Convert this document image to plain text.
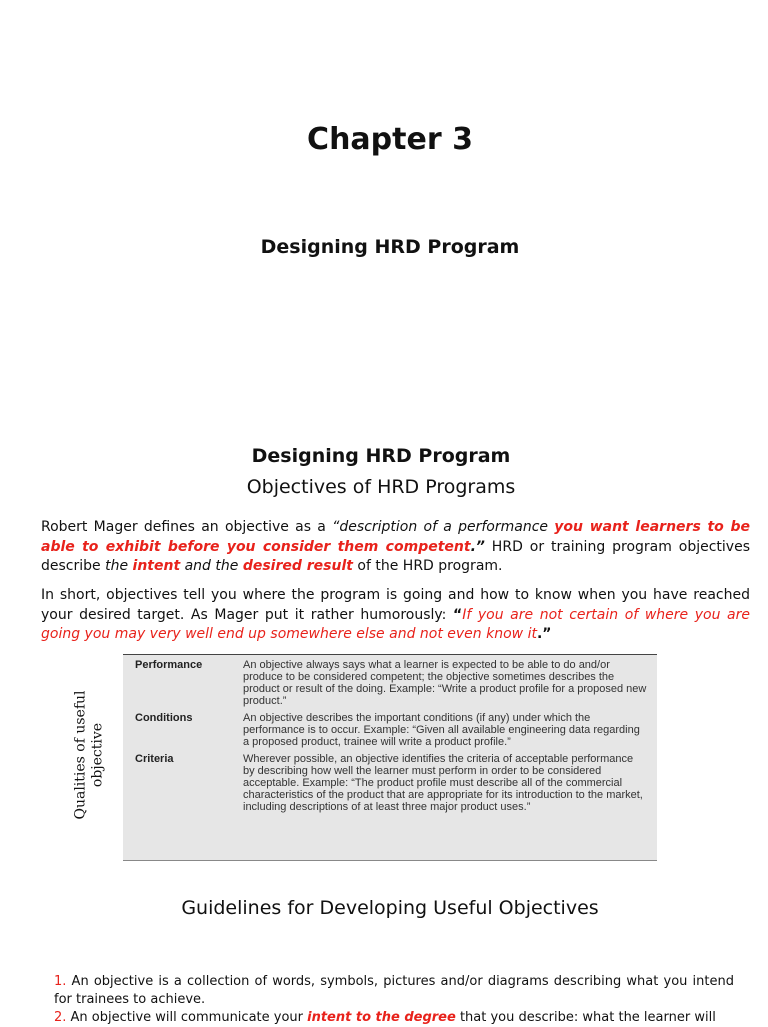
Chapter 3
Designing HRD Program
Designing HRD Program
Objectives of HRD Programs

Robert Mager defines an objective as a “description of a performance you want learners to be able to exhibit before you consider them competent.” HRD or training program objectives describe the intent and the desired result of the HRD program.

In short, objectives tell you where the program is going and how to know when you have reached your desired target. As Mager put it rather humorously: “If you are not certain of where you are going you may very well end up somewhere else and not even know it.”

Qualities of useful objective
Performance	An objective always says what a learner is expected to be able to do and/or produce to be considered competent; the objective sometimes describes the product or result of the doing. Example: “Write a product profile for a proposed new product.”
Conditions	An objective describes the important conditions (if any) under which the performance is to occur. Example: “Given all available engineering data regarding a proposed product, trainee will write a product profile.”
Criteria	Wherever possible, an objective identifies the criteria of acceptable performance by describing how well the learner must perform in order to be considered acceptable. Example: “The product profile must describe all of the commercial characteristics of the product that are appropriate for its introduction to the market, including descriptions of at least three major product uses.”
Guidelines for Developing Useful Objectives
1. An objective is a collection of words, symbols, pictures and/or diagrams describing what you intend for trainees to achieve.
2. An objective will communicate your intent to the degree that you describe: what the learner will
